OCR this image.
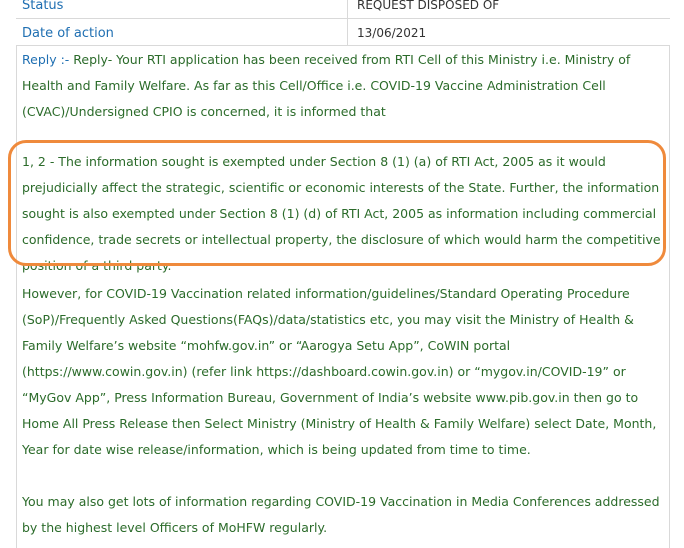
Status	REQUEST DISPOSED OF
Date of action	13/06/2021

Reply :- Reply- Your RTI application has been received from RTI Cell of this Ministry i.e. Ministry of Health and Family Welfare. As far as this Cell/Office i.e. COVID-19 Vaccine Administration Cell (CVAC)/Undersigned CPIO is concerned, it is informed that

1, 2 - The information sought is exempted under Section 8 (1) (a) of RTI Act, 2005 as it would prejudicially affect the strategic, scientific or economic interests of the State. Further, the information sought is also exempted under Section 8 (1) (d) of RTI Act, 2005 as information including commercial confidence, trade secrets or intellectual property, the disclosure of which would harm the competitive position of a third party.

However, for COVID-19 Vaccination related information/guidelines/Standard Operating Procedure (SoP)/Frequently Asked Questions(FAQs)/data/statistics etc, you may visit the Ministry of Health & Family Welfare’s website “mohfw.gov.in” or “Aarogya Setu App”, CoWIN portal (https://www.cowin.gov.in) (refer link https://dashboard.cowin.gov.in) or “mygov.in/COVID-19” or “MyGov App”, Press Information Bureau, Government of India’s website www.pib.gov.in then go to Home All Press Release then Select Ministry (Ministry of Health & Family Welfare) select Date, Month, Year for date wise release/information, which is being updated from time to time.

You may also get lots of information regarding COVID-19 Vaccination in Media Conferences addressed by the highest level Officers of MoHFW regularly.
